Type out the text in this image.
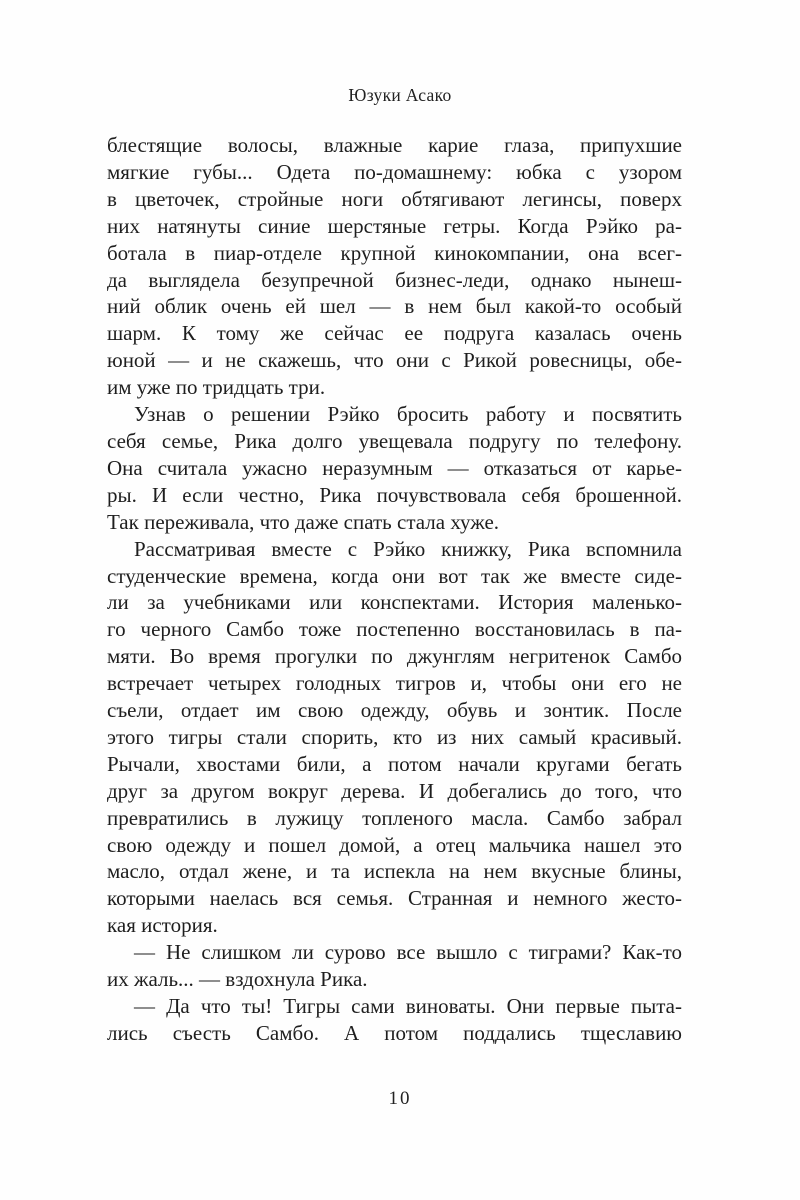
Юзуки Асако
блестящие волосы, влажные карие глаза, припухшие
мягкие губы... Одета по-домашнему: юбка с узором
в цветочек, стройные ноги обтягивают легинсы, поверх
них натянуты синие шерстяные гетры. Когда Рэйко ра-
ботала в пиар-отделе крупной кинокомпании, она всег-
да выглядела безупречной бизнес-леди, однако нынеш-
ний облик очень ей шел — в нем был какой-то особый
шарм. К тому же сейчас ее подруга казалась очень
юной — и не скажешь, что они с Рикой ровесницы, обе-
им уже по тридцать три.
Узнав о решении Рэйко бросить работу и посвятить
себя семье, Рика долго увещевала подругу по телефону.
Она считала ужасно неразумным — отказаться от карье-
ры. И если честно, Рика почувствовала себя брошенной.
Так переживала, что даже спать стала хуже.
Рассматривая вместе с Рэйко книжку, Рика вспомнила
студенческие времена, когда они вот так же вместе сиде-
ли за учебниками или конспектами. История маленько-
го черного Самбо тоже постепенно восстановилась в па-
мяти. Во время прогулки по джунглям негритенок Самбо
встречает четырех голодных тигров и, чтобы они его не
съели, отдает им свою одежду, обувь и зонтик. После
этого тигры стали спорить, кто из них самый красивый.
Рычали, хвостами били, а потом начали кругами бегать
друг за другом вокруг дерева. И добегались до того, что
превратились в лужицу топленого масла. Самбо забрал
свою одежду и пошел домой, а отец мальчика нашел это
масло, отдал жене, и та испекла на нем вкусные блины,
которыми наелась вся семья. Странная и немного жесто-
кая история.
— Не слишком ли сурово все вышло с тиграми? Как-то
их жаль... — вздохнула Рика.
— Да что ты! Тигры сами виноваты. Они первые пыта-
лись съесть Самбо. А потом поддались тщеславию
10
